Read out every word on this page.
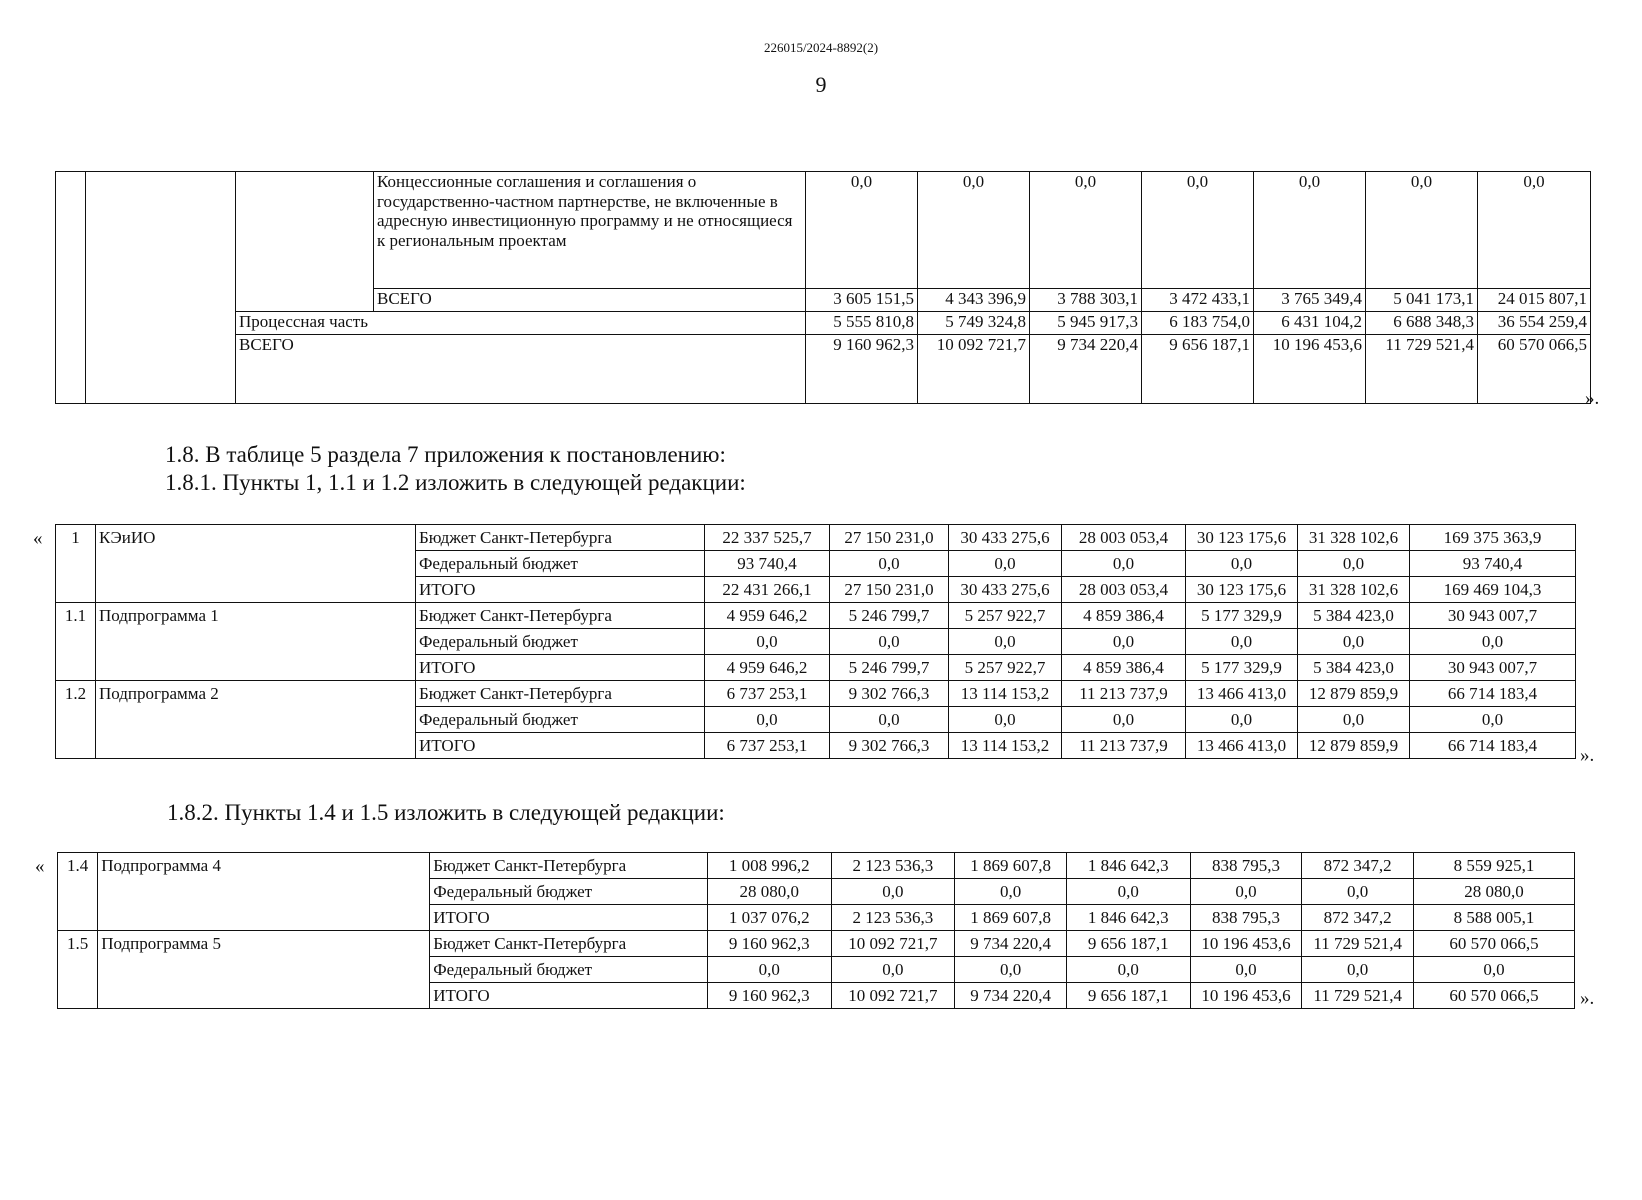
226015/2024-8892(2)
9
			Концессионные соглашения и соглашения о государственно-частном партнерстве, не включенные в адресную инвестиционную программу и не относящиеся к региональным проектам	0,0	0,0	0,0	0,0	0,0	0,0	0,0	
			ВСЕГО	3 605 151,5	4 343 396,9	3 788 303,1	3 472 433,1	3 765 349,4	5 041 173,1	24 015 807,1	
		Процессная часть		5 555 810,8	5 749 324,8	5 945 917,3	6 183 754,0	6 431 104,2	6 688 348,3	36 554 259,4	
		ВСЕГО		9 160 962,3	10 092 721,7	9 734 220,4	9 656 187,1	10 196 453,6	11 729 521,4	60 570 066,5	
».
1.8. В таблице 5 раздела 7 приложения к постановлению:
1.8.1. Пункты 1, 1.1 и 1.2 изложить в следующей редакции:
« 1	КЭиИО	Бюджет Санкт-Петербурга	22 337 525,7	27 150 231,0	30 433 275,6	28 003 053,4	30 123 175,6	31 328 102,6	169 375 363,9
		Федеральный бюджет	93 740,4	0,0	0,0	0,0	0,0	0,0	93 740,4
		ИТОГО	22 431 266,1	27 150 231,0	30 433 275,6	28 003 053,4	30 123 175,6	31 328 102,6	169 469 104,3
1.1	Подпрограмма 1	Бюджет Санкт-Петербурга	4 959 646,2	5 246 799,7	5 257 922,7	4 859 386,4	5 177 329,9	5 384 423,0	30 943 007,7
		Федеральный бюджет	0,0	0,0	0,0	0,0	0,0	0,0	0,0
		ИТОГО	4 959 646,2	5 246 799,7	5 257 922,7	4 859 386,4	5 177 329,9	5 384 423,0	30 943 007,7
1.2	Подпрограмма 2	Бюджет Санкт-Петербурга	6 737 253,1	9 302 766,3	13 114 153,2	11 213 737,9	13 466 413,0	12 879 859,9	66 714 183,4
		Федеральный бюджет	0,0	0,0	0,0	0,0	0,0	0,0	0,0
		ИТОГО	6 737 253,1	9 302 766,3	13 114 153,2	11 213 737,9	13 466 413,0	12 879 859,9	66 714 183,4 ».
1.8.2. Пункты 1.4 и 1.5 изложить в следующей редакции:
« 1.4	Подпрограмма 4	Бюджет Санкт-Петербурга	1 008 996,2	2 123 536,3	1 869 607,8	1 846 642,3	838 795,3	872 347,2	8 559 925,1
		Федеральный бюджет	28 080,0	0,0	0,0	0,0	0,0	0,0	28 080,0
		ИТОГО	1 037 076,2	2 123 536,3	1 869 607,8	1 846 642,3	838 795,3	872 347,2	8 588 005,1
1.5	Подпрограмма 5	Бюджет Санкт-Петербурга	9 160 962,3	10 092 721,7	9 734 220,4	9 656 187,1	10 196 453,6	11 729 521,4	60 570 066,5
		Федеральный бюджет	0,0	0,0	0,0	0,0	0,0	0,0	0,0
		ИТОГО	9 160 962,3	10 092 721,7	9 734 220,4	9 656 187,1	10 196 453,6	11 729 521,4	60 570 066,5 ».
